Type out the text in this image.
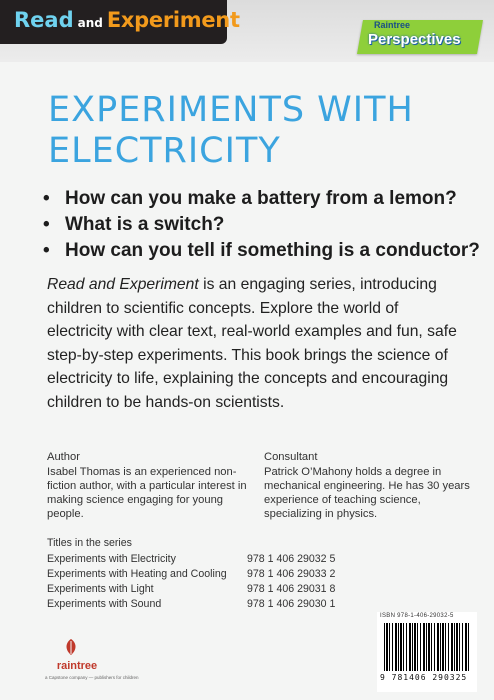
Read and Experiment	Raintree
Perspectives
EXPERIMENTS WITH ELECTRICITY
• How can you make a battery from a lemon?
• What is a switch?
• How can you tell if something is a conductor?

Read and Experiment is an engaging series, introducing children to scientific concepts. Explore the world of electricity with clear text, real-world examples and fun, safe step-by-step experiments. This book brings the science of electricity to life, explaining the concepts and encouraging children to be hands-on scientists.

Author

Isabel Thomas is an experienced non-fiction author, with a particular interest in making science engaging for young people.

Consultant

Patrick O’Mahony holds a degree in mechanical engineering. He has 30 years experience of teaching science, specializing in physics.

Titles in the series
Experiments with Electricity	978 1 406 29032 5
Experiments with Heating and Cooling	978 1 406 29033 2
Experiments with Light	978 1 406 29031 8
Experiments with Sound	978 1 406 29030 1
ISBN 978-1-406-29032-5
9 781406 290325
raintree
a Capstone company — publishers for children
